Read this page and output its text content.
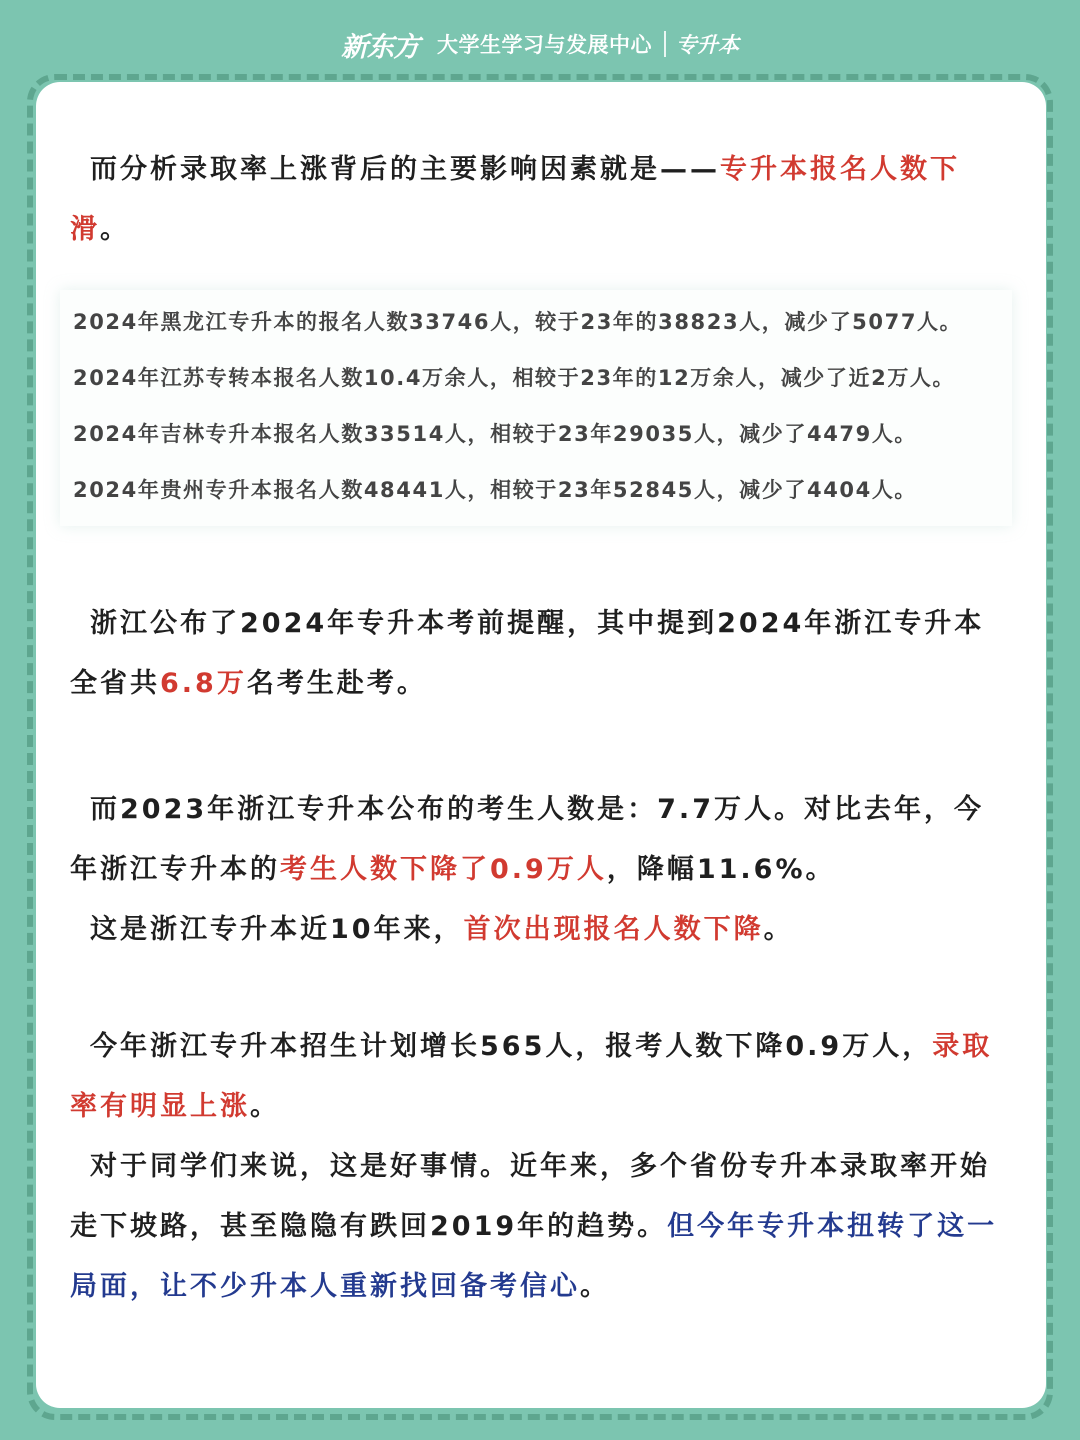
新东方 大学生学习与发展中心 专升本

而分析录取率上涨背后的主要影响因素就是——专升本报名人数下滑。

2024年黑龙江专升本的报名人数33746人，较于23年的38823人，减少了5077人。

2024年江苏专转本报名人数10.4万余人，相较于23年的12万余人，减少了近2万人。

2024年吉林专升本报名人数33514人，相较于23年29035人，减少了4479人。

2024年贵州专升本报名人数48441人，相较于23年52845人，减少了4404人。

浙江公布了2024年专升本考前提醒，其中提到2024年浙江专升本全省共6.8万名考生赴考。

而2023年浙江专升本公布的考生人数是：7.7万人。对比去年，今年浙江专升本的考生人数下降了0.9万人，降幅11.6%。

这是浙江专升本近10年来，首次出现报名人数下降。

今年浙江专升本招生计划增长565人，报考人数下降0.9万人，录取率有明显上涨。

对于同学们来说，这是好事情。近年来，多个省份专升本录取率开始走下坡路，甚至隐隐有跌回2019年的趋势。但今年专升本扭转了这一局面，让不少升本人重新找回备考信心。
